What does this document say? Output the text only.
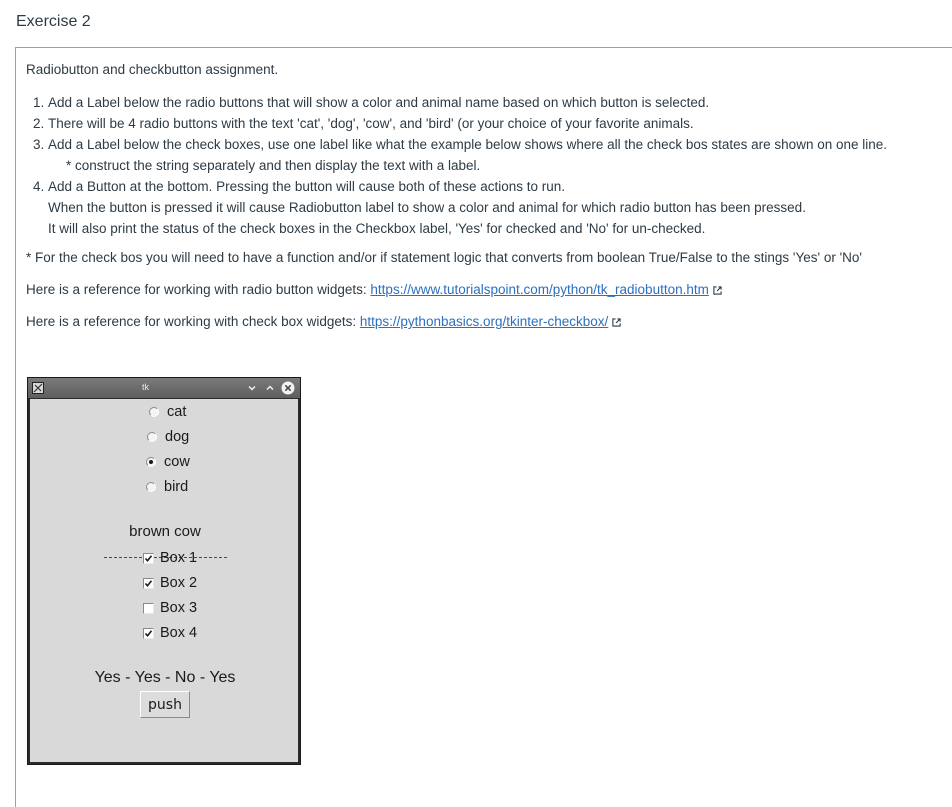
Exercise 2
Radiobutton and checkbutton assignment.
1. Add a Label below the radio buttons that will show a color and animal name based on which button is selected.
2. There will be 4 radio buttons with the text 'cat', 'dog', 'cow', and 'bird' (or your choice of your favorite animals.
3. Add a Label below the check boxes, use one label like what the example below shows where all the check bos states are shown on one line.
* construct the string separately and then display the text with a label.
4. Add a Button at the bottom. Pressing the button will cause both of these actions to run.
When the button is pressed it will cause Radiobutton label to show a color and animal for which radio button has been pressed.
It will also print the status of the check boxes in the Checkbox label, 'Yes' for checked and 'No' for un-checked.
* For the check bos you will need to have a function and/or if statement logic that converts from boolean True/False to the stings 'Yes' or 'No'
Here is a reference for working with radio button widgets: https://www.tutorialspoint.com/python/tk_radiobutton.htm
Here is a reference for working with check box widgets: https://pythonbasics.org/tkinter-checkbox/
tk
cat
dog
cow
bird
brown cow
Box 1
Box 2
Box 3
Box 4
Yes - Yes - No - Yes
push
